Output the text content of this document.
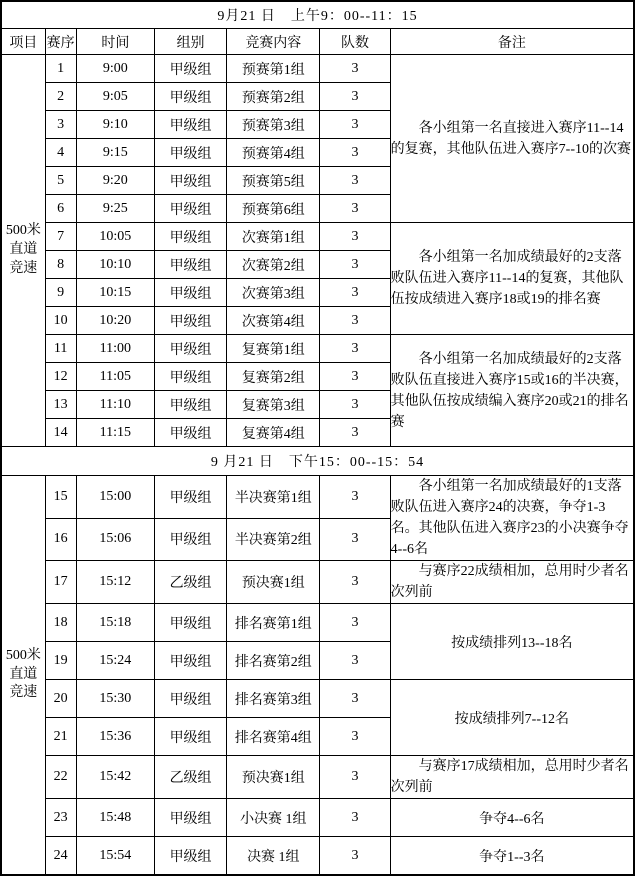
9月21 日　上午9：00--11：15						
项目	赛序	时间	组别	竞赛内容	队数	备注

500米
直道
竞速	1	9:00	甲级组	预赛第1组	3	各小组第一名直接进入赛序11--14的复赛，其他队伍进入赛序7--10的次赛

	2	9:05	甲级组	预赛第2组	3	
	3	9:10	甲级组	预赛第3组	3	
	4	9:15	甲级组	预赛第4组	3	
	5	9:20	甲级组	预赛第5组	3	
	6	9:25	甲级组	预赛第6组	3	
	7	10:05	甲级组	次赛第1组	3	各小组第一名加成绩最好的2支落败队伍进入赛序11--14的复赛，其他队伍按成绩进入赛序18或19的排名赛

	8	10:10	甲级组	次赛第2组	3	
	9	10:15	甲级组	次赛第3组	3	
	10	10:20	甲级组	次赛第4组	3	
	11	11:00	甲级组	复赛第1组	3	各小组第一名加成绩最好的2支落败队伍直接进入赛序15或16的半决赛，其他队伍按成绩编入赛序20或21的排名赛

	12	11:05	甲级组	复赛第2组	3	
	13	11:10	甲级组	复赛第3组	3	
	14	11:15	甲级组	复赛第4组	3	
9 月21 日　下午15：00--15：54						

500米
直道
竞速	15	15:00	甲级组	半决赛第1组	3	各小组第一名加成绩最好的1支落败队伍进入赛序24的决赛，争夺1-3名。其他队伍进入赛序23的小决赛争夺4--6名

	16	15:06	甲级组	半决赛第2组	3	
	17	15:12	乙级组	预决赛1组	3	与赛序22成绩相加，总用时少者名次列前

	18	15:18	甲级组	排名赛第1组	3	按成绩排列13--18名
	19	15:24	甲级组	排名赛第2组	3	
	20	15:30	甲级组	排名赛第3组	3	按成绩排列7--12名
	21	15:36	甲级组	排名赛第4组	3	
	22	15:42	乙级组	预决赛1组	3	与赛序17成绩相加，总用时少者名次列前

	23	15:48	甲级组	小决赛 1组	3	争夺4--6名
	24	15:54	甲级组	决赛 1组	3	争夺1--3名
